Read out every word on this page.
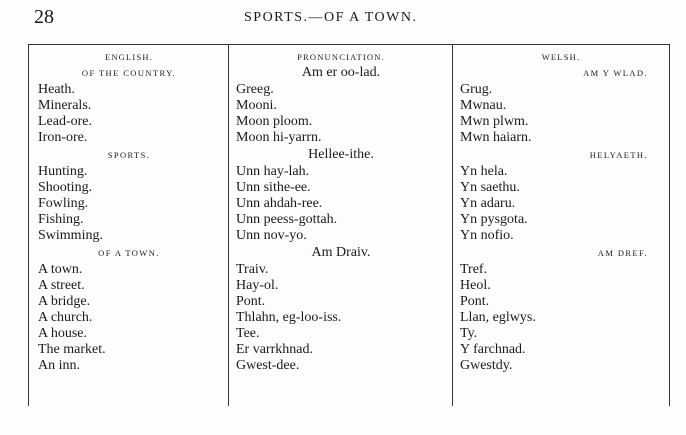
28	SPORTS.—OF A TOWN.
ENGLISH.
OF THE COUNTRY.
Heath.
Minerals.
Lead-ore.
Iron-ore.
SPORTS.
Hunting.
Shooting.
Fowling.
Fishing.
Swimming.
OF A TOWN.
A town.
A street.
A bridge.
A church.
A house.
The market.
An inn.
PRONUNCIATION.
Am er oo-lad.
Greeg.
Mooni.
Moon ploom.
Moon hi-yarrn.
Hellee-ithe.
Unn hay-lah.
Unn sithe-ee.
Unn ahdah-ree.
Unn peess-gottah.
Unn nov-yo.
Am Draiv.
Traiv.
Hay-ol.
Pont.
Thlahn, eg-loo-iss.
Tee.
Er varrkhnad.
Gwest-dee.
WELSH.
AM Y WLAD.
Grug.
Mwnau.
Mwn plwm.
Mwn haiarn.
HELYAETH.
Yn hela.
Yn saethu.
Yn adaru.
Yn pysgota.
Yn nofio.
AM DREF.
Tref.
Heol.
Pont.
Llan, eglwys.
Ty.
Y farchnad.
Gwestdy.
